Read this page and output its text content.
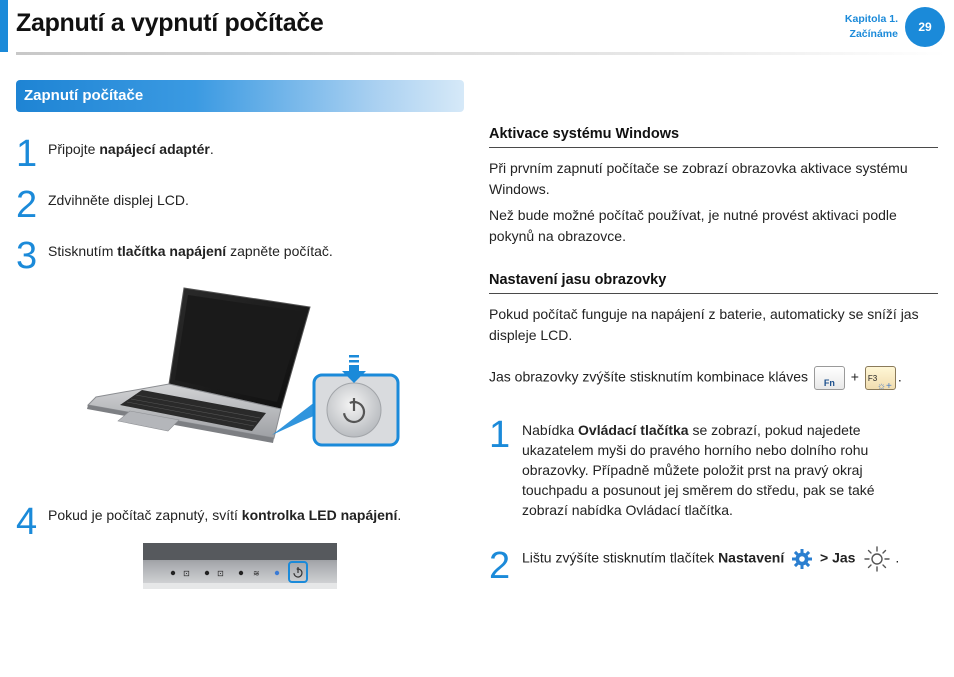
Zapnutí a vypnutí počítače	Kapitola 1.
Začínáme	29
Zapnutí počítače
1 Připojte napájecí adaptér.
2 Zdvihněte displej LCD.
3 Stisknutím tlačítka napájení zapněte počítač.
4 Pokud je počítač zapnutý, svítí kontrolka LED napájení.
⊡	⊡	≋
Aktivace systému Windows
Při prvním zapnutí počítače se zobrazí obrazovka aktivace systému Windows.
Než bude možné počítač používat, je nutné provést aktivaci podle pokynů na obrazovce.
Nastavení jasu obrazovky
Pokud počítač funguje na napájení z baterie, automaticky se sníží jas displeje LCD.
Jas obrazovky zvýšíte stisknutím kombinace kláves Fn + F3
☼+
.
1 Nabídka Ovládací tlačítka se zobrazí, pokud najedete ukazatelem myši do pravého horního nebo dolního rohu obrazovky. Případně můžete položit prst na pravý okraj touchpadu a posunout jej směrem do středu, pak se také zobrazí nabídka Ovládací tlačítka.
2 Lištu zvýšíte stisknutím tlačítek Nastavení  > Jas	.
